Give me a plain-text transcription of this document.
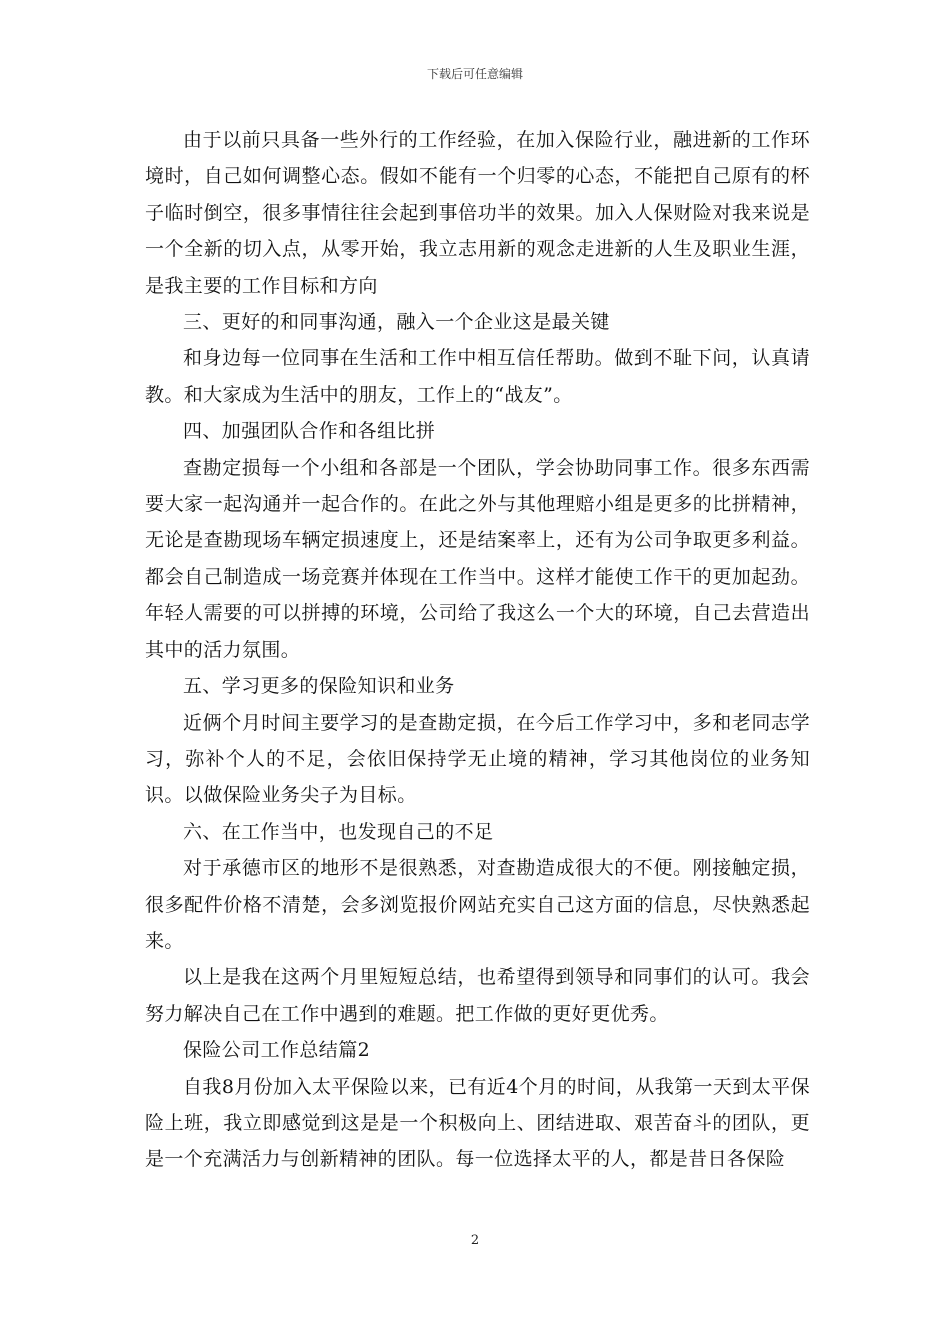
下载后可任意编辑

由于以前只具备一些外行的工作经验，在加入保险行业，融进新的工作环境时，自己如何调整心态。假如不能有一个归零的心态，不能把自己原有的杯子临时倒空，很多事情往往会起到事倍功半的效果。加入人保财险对我来说是一个全新的切入点，从零开始，我立志用新的观念走进新的人生及职业生涯，是我主要的工作目标和方向

三、更好的和同事沟通，融入一个企业这是最关键

和身边每一位同事在生活和工作中相互信任帮助。做到不耻下问，认真请教。和大家成为生活中的朋友，工作上的“战友”。

四、加强团队合作和各组比拼

查勘定损每一个小组和各部是一个团队，学会协助同事工作。很多东西需要大家一起沟通并一起合作的。在此之外与其他理赔小组是更多的比拼精神，无论是查勘现场车辆定损速度上，还是结案率上，还有为公司争取更多利益。都会自己制造成一场竞赛并体现在工作当中。这样才能使工作干的更加起劲。年轻人需要的可以拼搏的环境，公司给了我这么一个大的环境，自己去营造出其中的活力氛围。

五、学习更多的保险知识和业务

近俩个月时间主要学习的是查勘定损，在今后工作学习中，多和老同志学习，弥补个人的不足，会依旧保持学无止境的精神，学习其他岗位的业务知识。以做保险业务尖子为目标。

六、在工作当中，也发现自己的不足

对于承德市区的地形不是很熟悉，对查勘造成很大的不便。刚接触定损，很多配件价格不清楚，会多浏览报价网站充实自己这方面的信息，尽快熟悉起来。

以上是我在这两个月里短短总结，也希望得到领导和同事们的认可。我会努力解决自己在工作中遇到的难题。把工作做的更好更优秀。

保险公司工作总结篇2

自我8月份加入太平保险以来，已有近4个月的时间，从我第一天到太平保险上班，我立即感觉到这是是一个积极向上、团结进取、艰苦奋斗的团队，更是一个充满活力与创新精神的团队。每一位选择太平的人，都是昔日各保险

2
